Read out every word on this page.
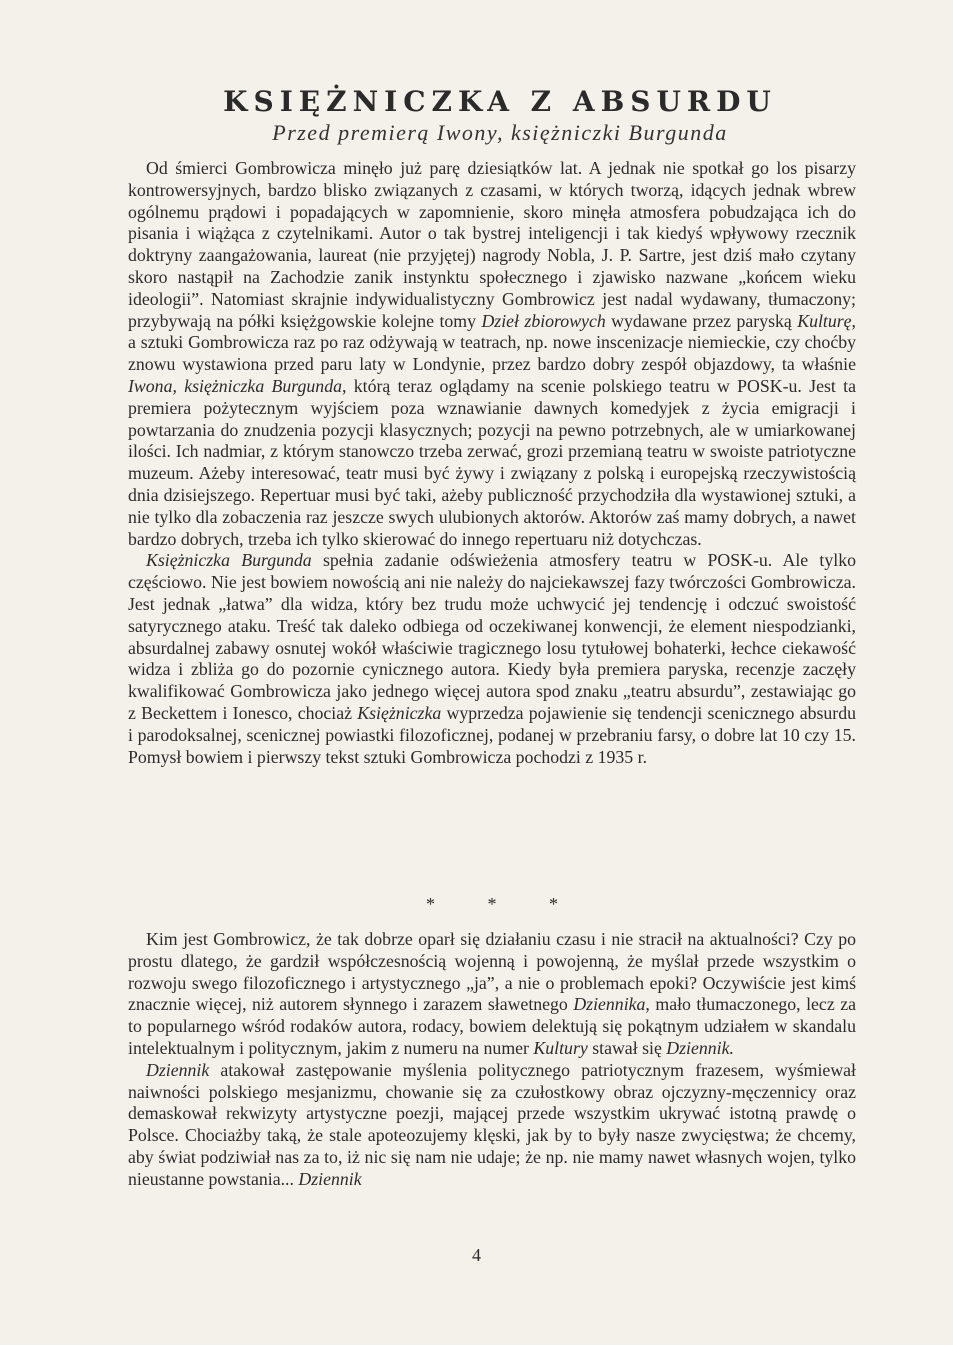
KSIĘŻNICZKA Z ABSURDU
Przed premierą Iwony, księżniczki Burgunda

Od śmierci Gombrowicza minęło już parę dziesiątków lat. A jednak nie spotkał go los pisarzy kontrowersyjnych, bardzo blisko związanych z czasami, w których tworzą, idących jednak wbrew ogólnemu prądowi i popadających w zapomnienie, skoro minęła atmosfera pobudzająca ich do pisania i wiążąca z czytelnikami. Autor o tak bystrej inteligencji i tak kiedyś wpływowy rzecznik doktryny zaangażowania, laureat (nie przyjętej) nagrody Nobla, J. P. Sartre, jest dziś mało czytany skoro nastąpił na Zachodzie zanik instynktu społecznego i zjawisko nazwane „końcem wieku ideologii”. Natomiast skrajnie indywidualistyczny Gombrowicz jest nadal wydawany, tłumaczony; przybywają na półki księżgowskie kolejne tomy Dzieł zbiorowych wydawane przez paryską Kulturę, a sztuki Gombrowicza raz po raz odżywają w teatrach, np. nowe inscenizacje niemieckie, czy choćby znowu wystawiona przed paru laty w Londynie, przez bardzo dobry zespół objazdowy, ta właśnie Iwona, księżniczka Burgunda, którą teraz oglądamy na scenie polskiego teatru w POSK-u. Jest ta premiera pożytecznym wyjściem poza wznawianie dawnych komedyjek z życia emigracji i powtarzania do znudzenia pozycji klasycznych; pozycji na pewno potrzebnych, ale w umiarkowanej ilości. Ich nadmiar, z którym stanowczo trzeba zerwać, grozi przemianą teatru w swoiste patriotyczne muzeum. Ażeby interesować, teatr musi być żywy i związany z polską i europejską rzeczywistością dnia dzisiejszego. Repertuar musi być taki, ażeby publiczność przychodziła dla wystawionej sztuki, a nie tylko dla zobaczenia raz jeszcze swych ulubionych aktorów. Aktorów zaś mamy dobrych, a nawet bardzo dobrych, trzeba ich tylko skierować do innego repertuaru niż dotychczas.

Księżniczka Burgunda spełnia zadanie odświeżenia atmosfery teatru w POSK-u. Ale tylko częściowo. Nie jest bowiem nowością ani nie należy do najciekawszej fazy twórczości Gombrowicza. Jest jednak „łatwa” dla widza, który bez trudu może uchwycić jej tendencję i odczuć swoistość satyrycznego ataku. Treść tak daleko odbiega od oczekiwanej konwencji, że element niespodzianki, absurdalnej zabawy osnutej wokół właściwie tragicznego losu tytułowej bohaterki, łechce ciekawość widza i zbliża go do pozornie cynicznego autora. Kiedy była premiera paryska, recenzje zaczęły kwalifikować Gombrowicza jako jednego więcej autora spod znaku „teatru absurdu”, zestawiając go z Beckettem i Ionesco, chociaż Księżniczka wyprzedza pojawienie się tendencji scenicznego absurdu i parodoksalnej, scenicznej powiastki filozoficznej, podanej w przebraniu farsy, o dobre lat 10 czy 15. Pomysł bowiem i pierwszy tekst sztuki Gombrowicza pochodzi z 1935 r.

* * *

Kim jest Gombrowicz, że tak dobrze oparł się działaniu czasu i nie stracił na aktualności? Czy po prostu dlatego, że gardził współczesnością wojenną i powojenną, że myślał przede wszystkim o rozwoju swego filozoficznego i artystycznego „ja”, a nie o problemach epoki? Oczywiście jest kimś znacznie więcej, niż autorem słynnego i zarazem sławetnego Dziennika, mało tłumaczonego, lecz za to popularnego wśród rodaków autora, rodacy, bowiem delektują się pokątnym udziałem w skandalu intelektualnym i politycznym, jakim z numeru na numer Kultury stawał się Dziennik.

Dziennik atakował zastępowanie myślenia politycznego patriotycznym frazesem, wyśmiewał naiwności polskiego mesjanizmu, chowanie się za czułostkowy obraz ojczyzny-męczennicy oraz demaskował rekwizyty artystyczne poezji, mającej przede wszystkim ukrywać istotną prawdę o Polsce. Chociażby taką, że stale apoteozujemy klęski, jak by to były nasze zwycięstwa; że chcemy, aby świat podziwiał nas za to, iż nic się nam nie udaje; że np. nie mamy nawet własnych wojen, tylko nieustanne powstania... Dziennik

4
